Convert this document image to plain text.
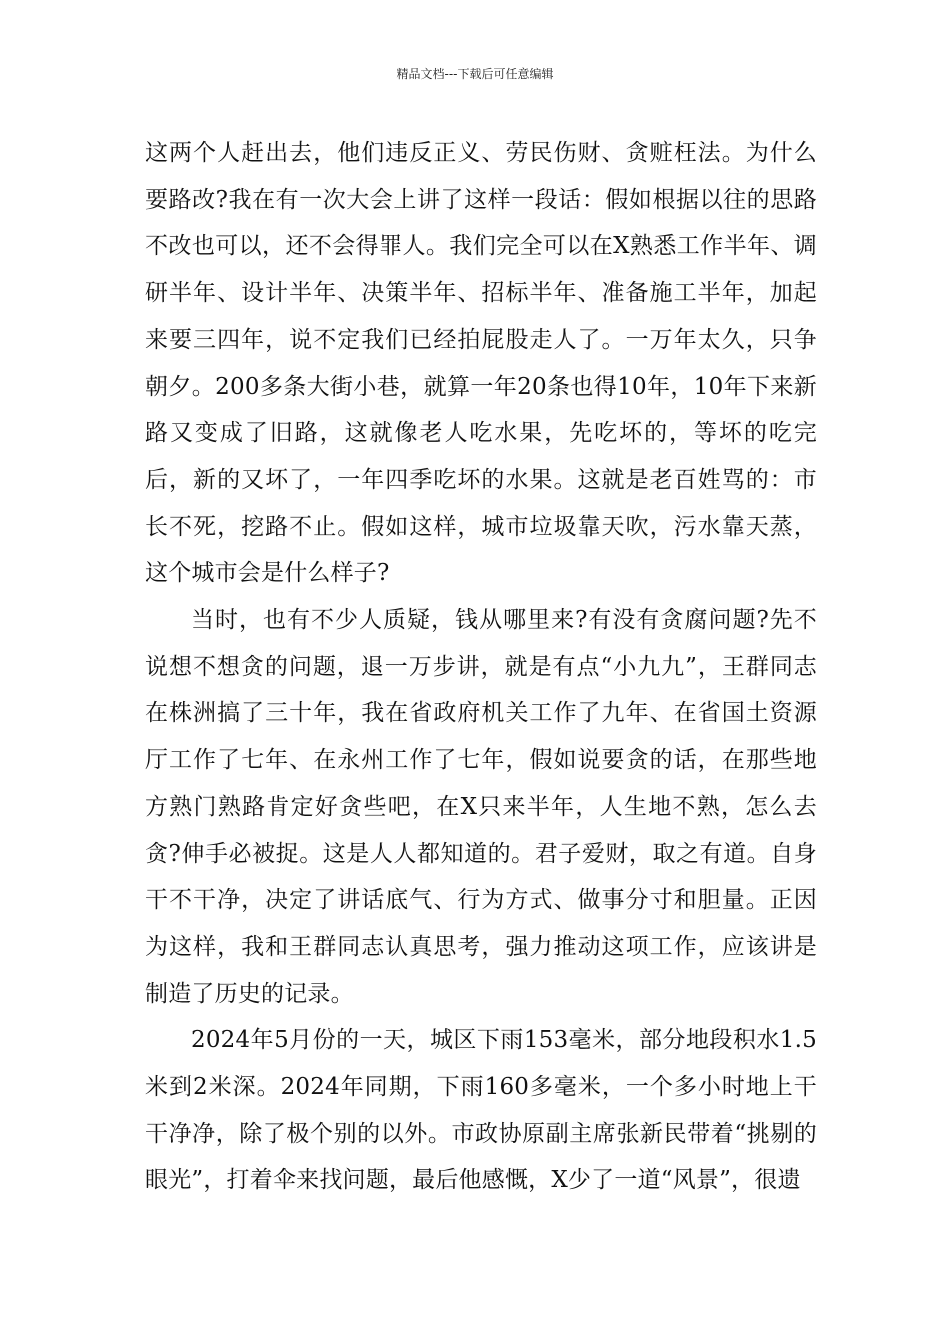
精品文档---下载后可任意编辑

这两个人赶出去，他们违反正义、劳民伤财、贪赃枉法。为什么要路改?我在有一次大会上讲了这样一段话：假如根据以往的思路不改也可以，还不会得罪人。我们完全可以在X熟悉工作半年、调研半年、设计半年、决策半年、招标半年、准备施工半年，加起来要三四年，说不定我们已经拍屁股走人了。一万年太久，只争朝夕。200多条大街小巷，就算一年20条也得10年，10年下来新路又变成了旧路，这就像老人吃水果，先吃坏的，等坏的吃完后，新的又坏了，一年四季吃坏的水果。这就是老百姓骂的：市长不死，挖路不止。假如这样，城市垃圾靠天吹，污水靠天蒸，这个城市会是什么样子?

当时，也有不少人质疑，钱从哪里来?有没有贪腐问题?先不说想不想贪的问题，退一万步讲，就是有点“小九九”，王群同志在株洲搞了三十年，我在省政府机关工作了九年、在省国土资源厅工作了七年、在永州工作了七年，假如说要贪的话，在那些地方熟门熟路肯定好贪些吧，在X只来半年，人生地不熟，怎么去贪?伸手必被捉。这是人人都知道的。君子爱财，取之有道。自身干不干净，决定了讲话底气、行为方式、做事分寸和胆量。正因为这样，我和王群同志认真思考，强力推动这项工作，应该讲是制造了历史的记录。

2024年5月份的一天，城区下雨153毫米，部分地段积水1.5米到2米深。2024年同期，下雨160多毫米，一个多小时地上干干净净，除了极个别的以外。市政协原副主席张新民带着“挑剔的眼光”，打着伞来找问题，最后他感慨，X少了一道“风景”，很遗
